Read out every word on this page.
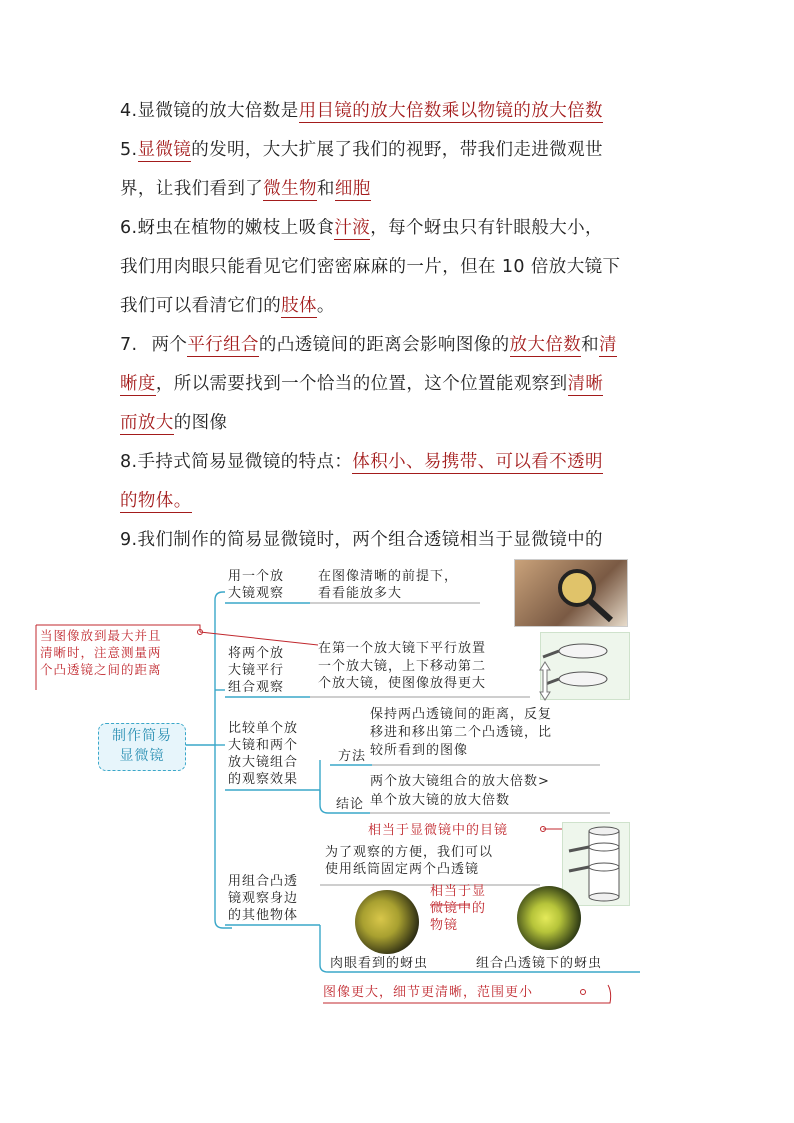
4.显微镜的放大倍数是用目镜的放大倍数乘以物镜的放大倍数
5.显微镜的发明，大大扩展了我们的视野，带我们走进微观世
界，让我们看到了微生物和细胞
6.蚜虫在植物的嫩枝上吸食汁液，每个蚜虫只有针眼般大小，
我们用肉眼只能看见它们密密麻麻的一片，但在 10 倍放大镜下
我们可以看清它们的肢体。
7. 两个平行组合的凸透镜间的距离会影响图像的放大倍数和清
晰度，所以需要找到一个恰当的位置，这个位置能观察到清晰
而放大的图像
8.手持式简易显微镜的特点：体积小、易携带、可以看不透明
的物体。
9.我们制作的简易显微镜时，两个组合透镜相当于显微镜中的
制作简易
显微镜
用一个放
大镜观察
在图像清晰的前提下，
看看能放多大
将两个放
大镜平行
组合观察
在第一个放大镜下平行放置
一个放大镜，上下移动第二
个放大镜，使图像放得更大
当图像放到最大并且
清晰时，注意测量两
个凸透镜之间的距离
比较单个放
大镜和两个
放大镜组合
的观察效果
方法
保持两凸透镜间的距离，反复
移进和移出第二个凸透镜，比
较所看到的图像
结论
两个放大镜组合的放大倍数>
单个放大镜的放大倍数
用组合凸透
镜观察身边
的其他物体
相当于显微镜中的目镜
为了观察的方便，我们可以
使用纸筒固定两个凸透镜
相当于显
微镜中的
物镜
肉眼看到的蚜虫	组合凸透镜下的蚜虫
图像更大，细节更清晰，范围更小
